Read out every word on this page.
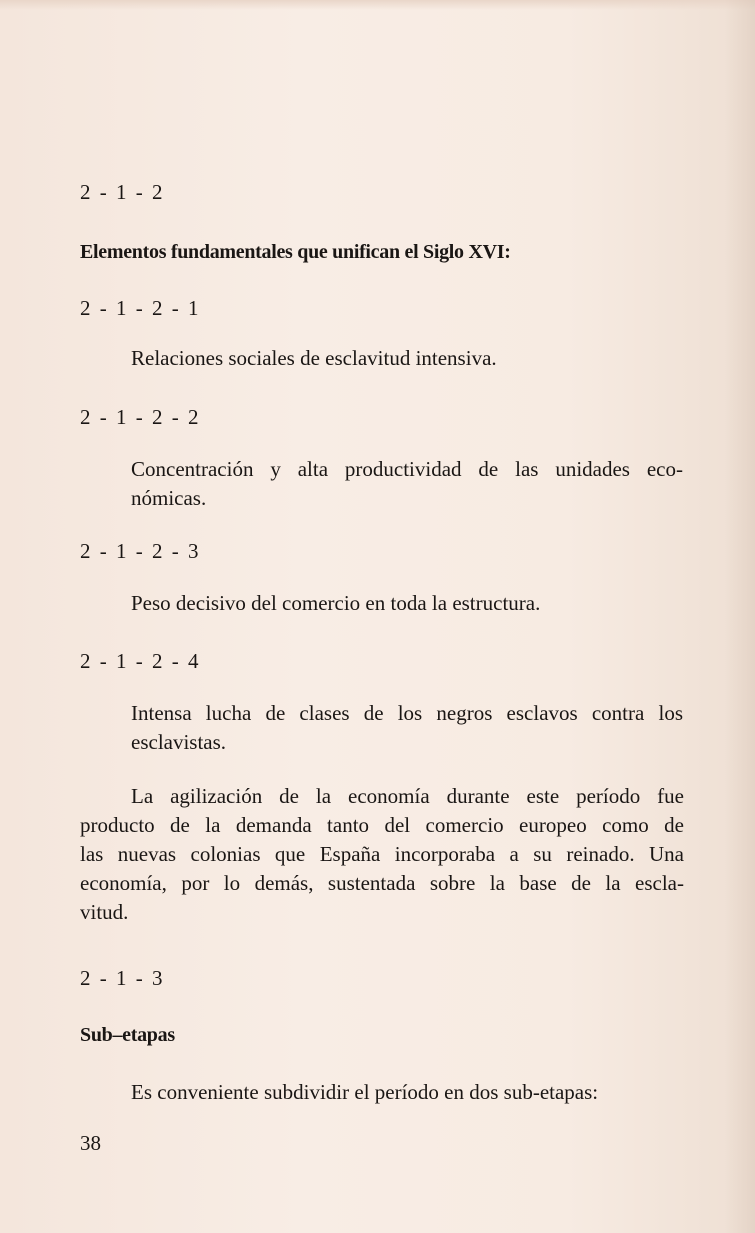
2 - 1 - 2
Elementos fundamentales que unifican el Siglo XVI:
2 - 1 - 2 - 1
Relaciones sociales de esclavitud intensiva.
2 - 1 - 2 - 2
Concentración y alta productividad de las unidades eco-
nómicas.
2 - 1 - 2 - 3
Peso decisivo del comercio en toda la estructura.
2 - 1 - 2 - 4
Intensa lucha de clases de los negros esclavos contra los
esclavistas.
La agilización de la economía durante este período fue
producto de la demanda tanto del comercio europeo como de
las nuevas colonias que España incorporaba a su reinado. Una
economía, por lo demás, sustentada sobre la base de la escla-
vitud.
2 - 1 - 3
Sub–etapas
Es conveniente subdividir el período en dos sub-etapas:
38
